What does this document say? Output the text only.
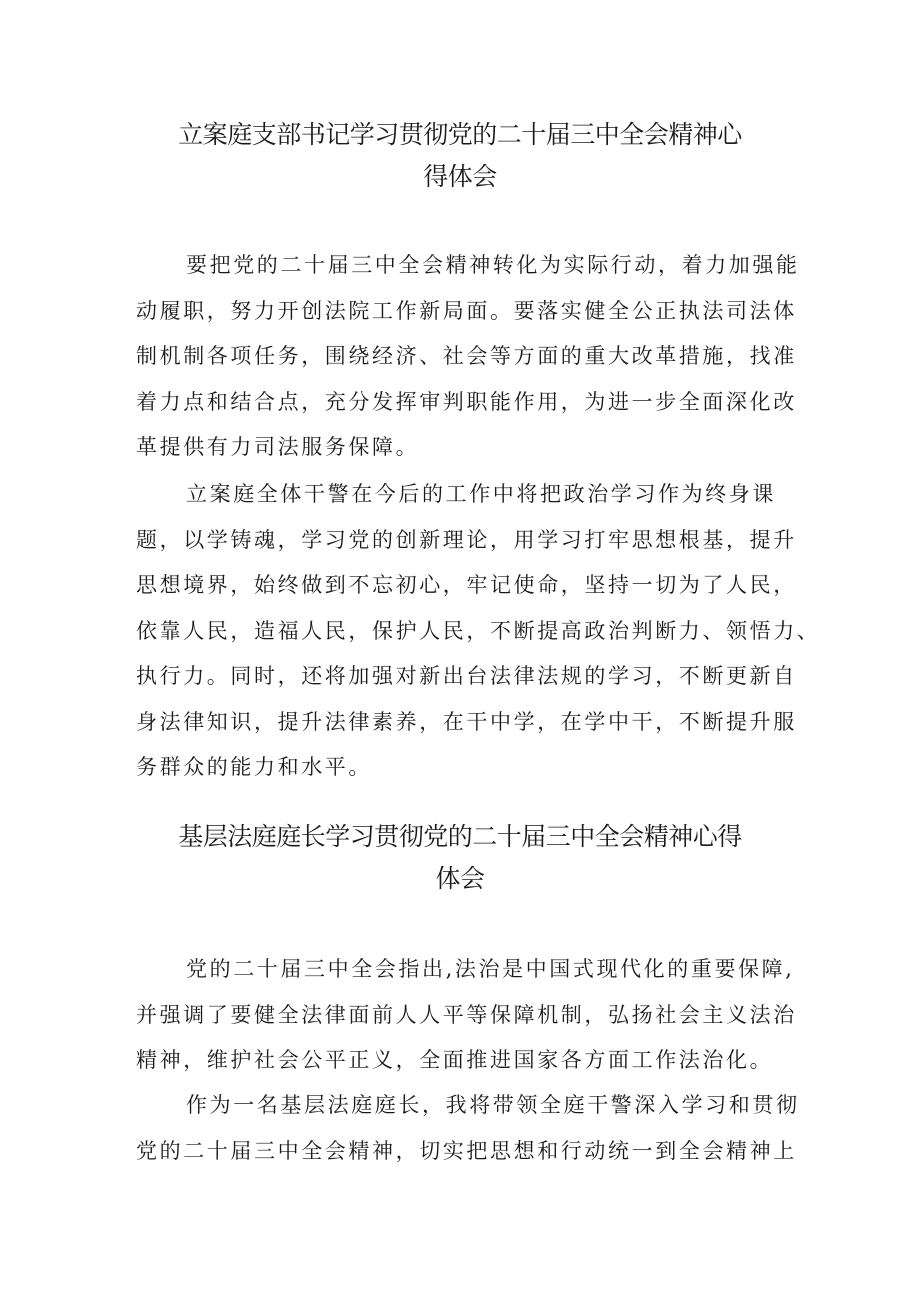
立案庭支部书记学习贯彻党的二十届三中全会精神心
得体会

要把党的二十届三中全会精神转化为实际行动，着力加强能
动履职，努力开创法院工作新局面。要落实健全公正执法司法体
制机制各项任务，围绕经济、社会等方面的重大改革措施，找准
着力点和结合点，充分发挥审判职能作用，为进一步全面深化改
革提供有力司法服务保障。

立案庭全体干警在今后的工作中将把政治学习作为终身课
题，以学铸魂，学习党的创新理论，用学习打牢思想根基，提升
思想境界，始终做到不忘初心，牢记使命，坚持一切为了人民，
依靠人民，造福人民，保护人民，不断提高政治判断力、领悟力、
执行力。同时，还将加强对新出台法律法规的学习，不断更新自
身法律知识，提升法律素养，在干中学，在学中干，不断提升服
务群众的能力和水平。

基层法庭庭长学习贯彻党的二十届三中全会精神心得
体会

党的二十届三中全会指出,法治是中国式现代化的重要保障,
并强调了要健全法律面前人人平等保障机制，弘扬社会主义法治
精神，维护社会公平正义，全面推进国家各方面工作法治化。

作为一名基层法庭庭长，我将带领全庭干警深入学习和贯彻
党的二十届三中全会精神，切实把思想和行动统一到全会精神上
